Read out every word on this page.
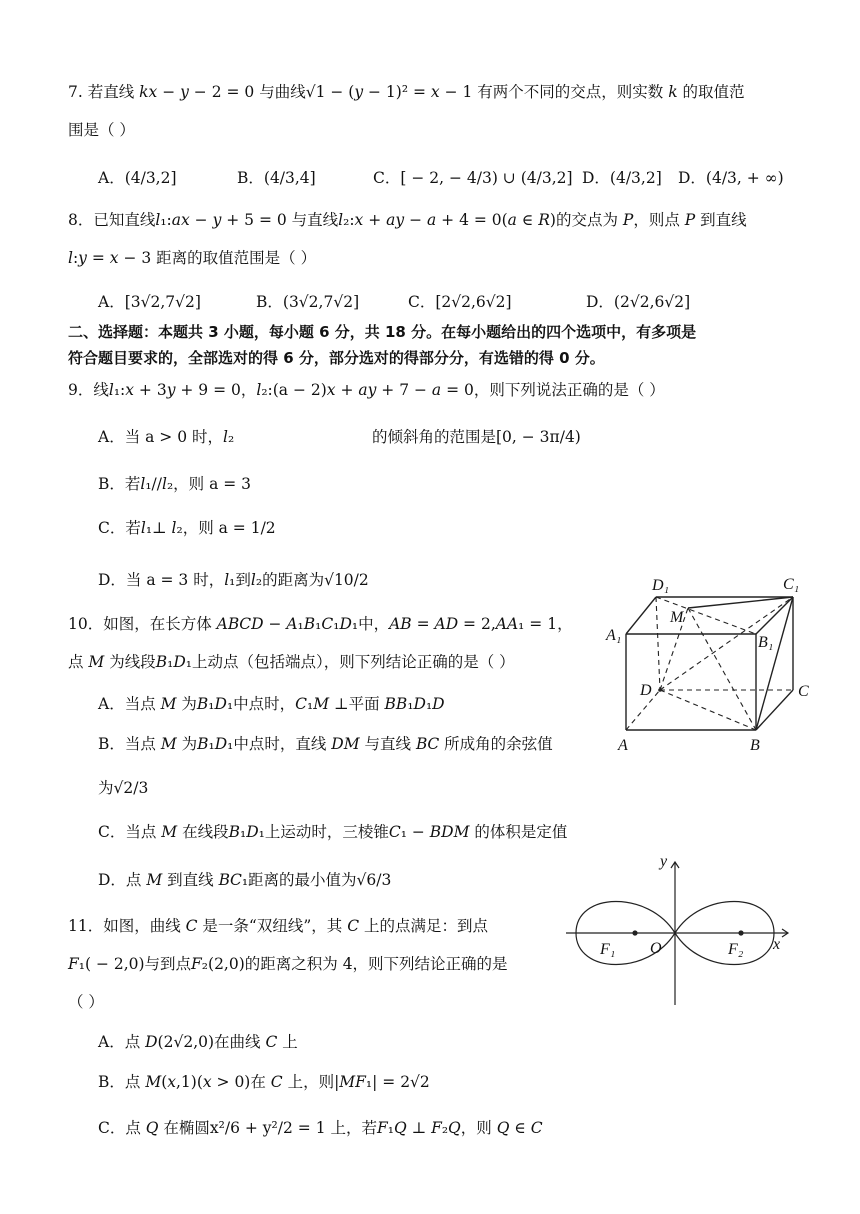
7. 若直线 𝑘𝑥 − 𝑦 − 2 = 0 与曲线√1 − (𝑦 − 1)² = 𝑥 − 1 有两个不同的交点，则实数 𝑘 的取值范
围是（ ）
A．(4/3,2]	B．(4/3,4]	C．[ − 2, − 4/3) ∪ (4/3,2] D．(4/3,2] D．(4/3, + ∞)
8．已知直线𝑙₁:𝑎𝑥 − 𝑦 + 5 = 0 与直线𝑙₂:𝑥 + 𝑎𝑦 − 𝑎 + 4 = 0(𝑎 ∈ 𝑅)的交点为 𝑃，则点 𝑃 到直线
𝑙:𝑦 = 𝑥 − 3 距离的取值范围是（ ）
A．[3√2,7√2]	B．(3√2,7√2]	C．[2√2,6√2]	D．(2√2,6√2]
二、选择题：本题共 3 小题，每小题 6 分，共 18 分。在每小题给出的四个选项中，有多项是
符合题目要求的，全部选对的得 6 分，部分选对的得部分分，有选错的得 0 分。
9．线𝑙₁:𝑥 + 3𝑦 + 9 = 0，𝑙₂:(a − 2)𝑥 + 𝑎𝑦 + 7 − 𝑎 = 0，则下列说法正确的是（ ）
A．当 a > 0 时，𝑙₂	的倾斜角的范围是[0, − 3π/4)
B．若𝑙₁//𝑙₂，则 a = 3
C．若𝑙₁⊥ 𝑙₂，则 a = 1/2
D．当 a = 3 时，𝑙₁到𝑙₂的距离为√10/2
10．如图，在长方体 𝐴𝐵𝐶𝐷 − 𝐴₁𝐵₁𝐶₁𝐷₁中，𝐴𝐵 = 𝐴𝐷 = 2,𝐴𝐴₁ = 1，
点 𝑀 为线段𝐵₁𝐷₁上动点（包括端点），则下列结论正确的是（ ）
A．当点 𝑀 为𝐵₁𝐷₁中点时，𝐶₁𝑀 ⊥平面 𝐵𝐵₁𝐷₁𝐷
B．当点 𝑀 为𝐵₁𝐷₁中点时，直线 𝐷𝑀 与直线 𝐵𝐶 所成角的余弦值
为√2/3
C．当点 𝑀 在线段𝐵₁𝐷₁上运动时，三棱锥𝐶₁ − 𝐵𝐷𝑀 的体积是定值
D．点 𝑀 到直线 𝐵𝐶₁距离的最小值为√6/3
D₁	C₁
A₁	B₁
M
D	C
A	B
11．如图，曲线 𝐶 是一条“双纽线”，其 𝐶 上的点满足：到点
𝐹₁( − 2,0)与到点𝐹₂(2,0)的距离之积为 4，则下列结论正确的是
（ ）
A．点 𝐷(2√2,0)在曲线 𝐶 上
B．点 𝑀(𝑥,1)(𝑥 > 0)在 𝐶 上，则|𝑀𝐹₁| = 2√2
C．点 𝑄 在椭圆x²/6 + y²/2 = 1 上，若𝐹₁𝑄 ⊥ 𝐹₂𝑄，则 𝑄 ∈ 𝐶
y
x
O
F₁	F₂
